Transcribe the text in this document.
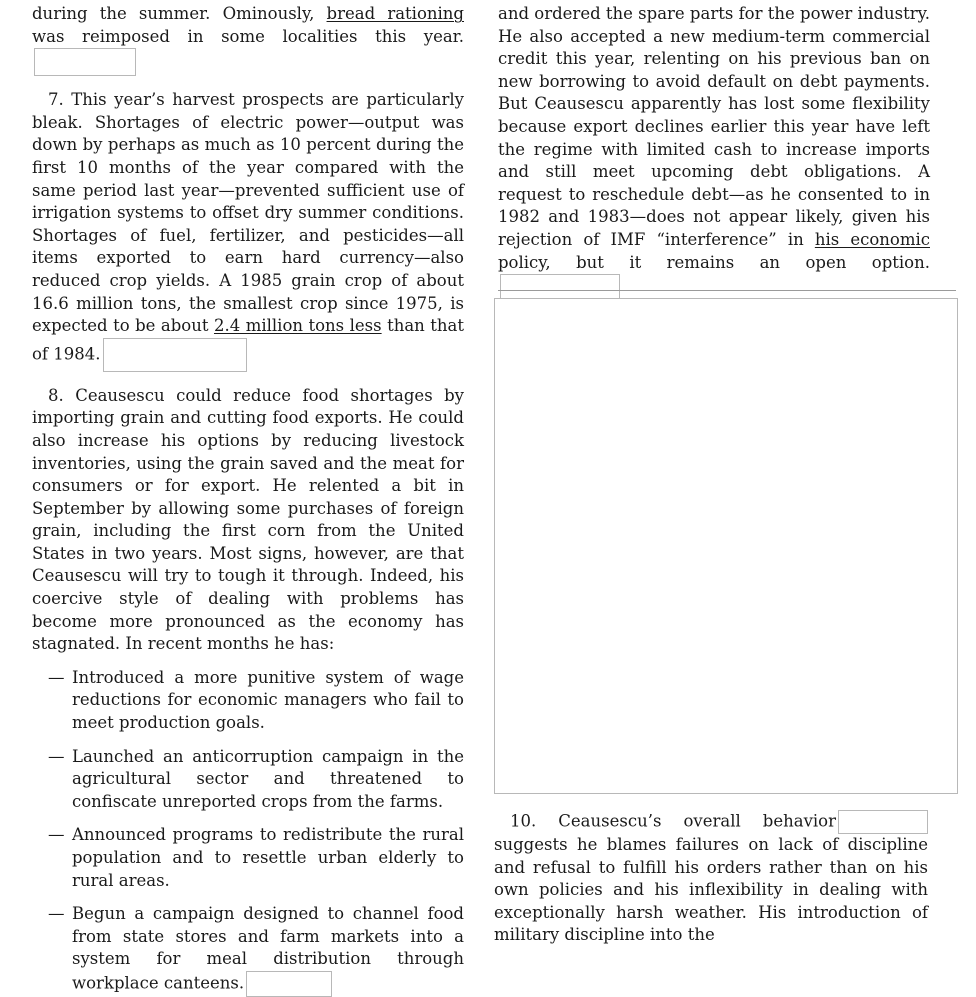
during the summer. Ominously, bread rationing was reimposed in some localities this year.

7. This year’s harvest prospects are particularly bleak. Shortages of electric power—output was down by perhaps as much as 10 percent during the first 10 months of the year compared with the same period last year—prevented sufficient use of irrigation systems to offset dry summer conditions. Shortages of fuel, fertilizer, and pesticides—all items exported to earn hard currency—also reduced crop yields. A 1985 grain crop of about 16.6 million tons, the smallest crop since 1975, is expected to be about 2.4 million tons less than that of 1984.

8. Ceausescu could reduce food shortages by importing grain and cutting food exports. He could also increase his options by reducing livestock inventories, using the grain saved and the meat for consumers or for export. He relented a bit in September by allowing some purchases of foreign grain, including the first corn from the United States in two years. Most signs, however, are that Ceausescu will try to tough it through. Indeed, his coercive style of dealing with problems has become more pronounced as the economy has stagnated. In recent months he has:

— Introduced a more punitive system of wage reductions for economic managers who fail to meet production goals.

— Launched an anticorruption campaign in the agricultural sector and threatened to confiscate unreported crops from the farms.

— Announced programs to redistribute the rural population and to resettle urban elderly to rural areas.

— Begun a campaign designed to channel food from state stores and farm markets into a system for meal distribution through workplace canteens.

and ordered the spare parts for the power industry. He also accepted a new medium-term commercial credit this year, relenting on his previous ban on new borrowing to avoid default on debt payments. But Ceausescu apparently has lost some flexibility because export declines earlier this year have left the regime with limited cash to increase imports and still meet upcoming debt obligations. A request to reschedule debt—as he consented to in 1982 and 1983—does not appear likely, given his rejection of IMF “interference” in his economic policy, but it remains an open option.

10. Ceausescu’s overall behaviorsuggests he blames failures on lack of discipline and refusal to fulfill his orders rather than on his own policies and his inflexibility in dealing with exceptionally harsh weather. His introduction of military discipline into the
